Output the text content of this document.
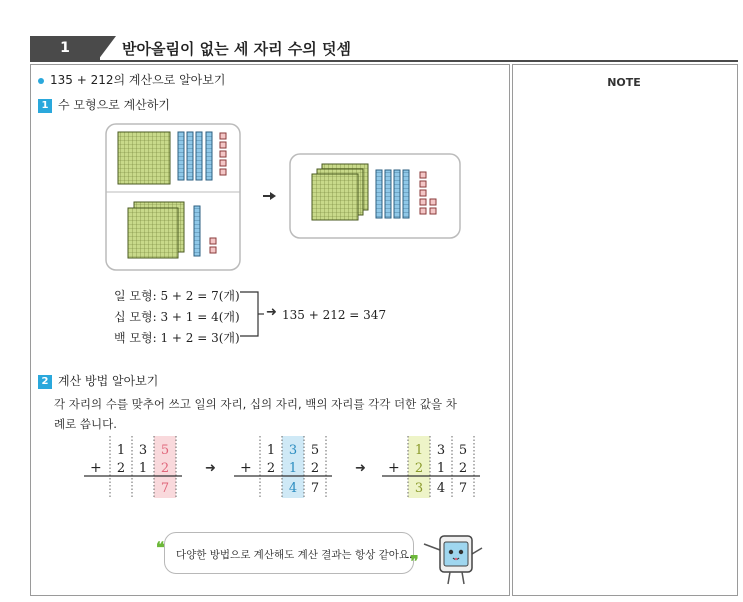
1	받아올림이 없는 세 자리 수의 덧셈
NOTE
135 + 212의 계산으로 알아보기
1 수 모형으로 계산하기
일 모형: 5 + 2 = 7(개)
십 모형: 3 + 1 = 4(개)
백 모형: 1 + 2 = 3(개)
➜ 135 + 212 = 347
2 계산 방법 알아보기
각 자리의 수를 맞추어 쓰고 일의 자리, 십의 자리, 백의 자리를 각각 더한 값을 차
례로 씁니다.
+
1 3 5
2 1 2
7
➜ +
1 3 5
2 1 2
4 7
➜ +
1 3 5
2 1 2
3 4 7
❝
❞
다양한 방법으로 계산해도 계산 결과는 항상 같아요.
